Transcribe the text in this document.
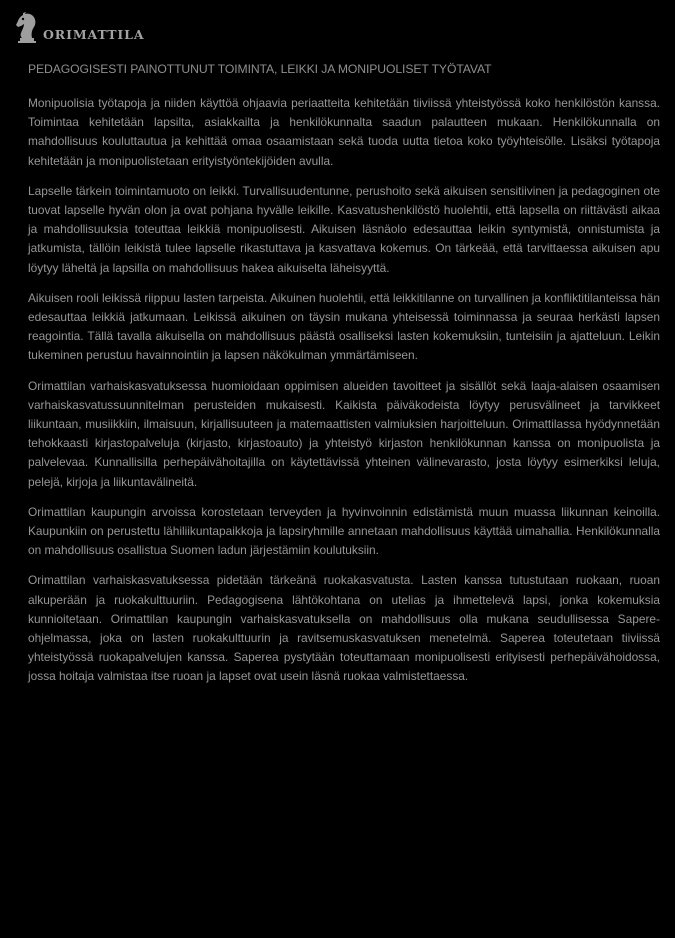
ORIMATTILA
PEDAGOGISESTI PAINOTTUNUT TOIMINTA, LEIKKI JA MONIPUOLISET TYÖTAVAT

Monipuolisia työtapoja ja niiden käyttöä ohjaavia periaatteita kehitetään tiiviissä yhteistyössä koko henkilöstön kanssa. Toimintaa kehitetään lapsilta, asiakkailta ja henkilökunnalta saadun palautteen mukaan. Henkilökunnalla on mahdollisuus kouluttautua ja kehittää omaa osaamistaan sekä tuoda uutta tietoa koko työyhteisölle. Lisäksi työtapoja kehitetään ja monipuolistetaan erityistyöntekijöiden avulla.

Lapselle tärkein toimintamuoto on leikki. Turvallisuudentunne, perushoito sekä aikuisen sensitiivinen ja pedagoginen ote tuovat lapselle hyvän olon ja ovat pohjana hyvälle leikille. Kasvatushenkilöstö huolehtii, että lapsella on riittävästi aikaa ja mahdollisuuksia toteuttaa leikkiä monipuolisesti. Aikuisen läsnäolo edesauttaa leikin syntymistä, onnistumista ja jatkumista, tällöin leikistä tulee lapselle rikastuttava ja kasvattava kokemus. On tärkeää, että tarvittaessa aikuisen apu löytyy läheltä ja lapsilla on mahdollisuus hakea aikuiselta läheisyyttä.

Aikuisen rooli leikissä riippuu lasten tarpeista. Aikuinen huolehtii, että leikkitilanne on turvallinen ja konfliktitilanteissa hän edesauttaa leikkiä jatkumaan. Leikissä aikuinen on täysin mukana yhteisessä toiminnassa ja seuraa herkästi lapsen reagointia. Tällä tavalla aikuisella on mahdollisuus päästä osalliseksi lasten kokemuksiin, tunteisiin ja ajatteluun. Leikin tukeminen perustuu havainnointiin ja lapsen näkökulman ymmärtämiseen.

Orimattilan varhaiskasvatuksessa huomioidaan oppimisen alueiden tavoitteet ja sisällöt sekä laaja-alaisen osaamisen varhaiskasvatussuunnitelman perusteiden mukaisesti. Kaikista päiväkodeista löytyy perusvälineet ja tarvikkeet liikuntaan, musiikkiin, ilmaisuun, kirjallisuuteen ja matemaattisten valmiuksien harjoitteluun. Orimattilassa hyödynnetään tehokkaasti kirjastopalveluja (kirjasto, kirjastoauto) ja yhteistyö kirjaston henkilökunnan kanssa on monipuolista ja palvelevaa. Kunnallisilla perhepäivähoitajilla on käytettävissä yhteinen välinevarasto, josta löytyy esimerkiksi leluja, pelejä, kirjoja ja liikuntavälineitä.

Orimattilan kaupungin arvoissa korostetaan terveyden ja hyvinvoinnin edistämistä muun muassa liikunnan keinoilla. Kaupunkiin on perustettu lähiliikuntapaikkoja ja lapsiryhmille annetaan mahdollisuus käyttää uimahallia. Henkilökunnalla on mahdollisuus osallistua Suomen ladun järjestämiin koulutuksiin.

Orimattilan varhaiskasvatuksessa pidetään tärkeänä ruokakasvatusta. Lasten kanssa tutustutaan ruokaan, ruoan alkuperään ja ruokakulttuuriin. Pedagogisena lähtökohtana on utelias ja ihmettelevä lapsi, jonka kokemuksia kunnioitetaan. Orimattilan kaupungin varhaiskasvatuksella on mahdollisuus olla mukana seudullisessa Sapere-ohjelmassa, joka on lasten ruokakulttuurin ja ravitsemuskasvatuksen menetelmä. Saperea toteutetaan tiiviissä yhteistyössä ruokapalvelujen kanssa. Saperea pystytään toteuttamaan monipuolisesti erityisesti perhepäivähoidossa, jossa hoitaja valmistaa itse ruoan ja lapset ovat usein läsnä ruokaa valmistettaessa.
